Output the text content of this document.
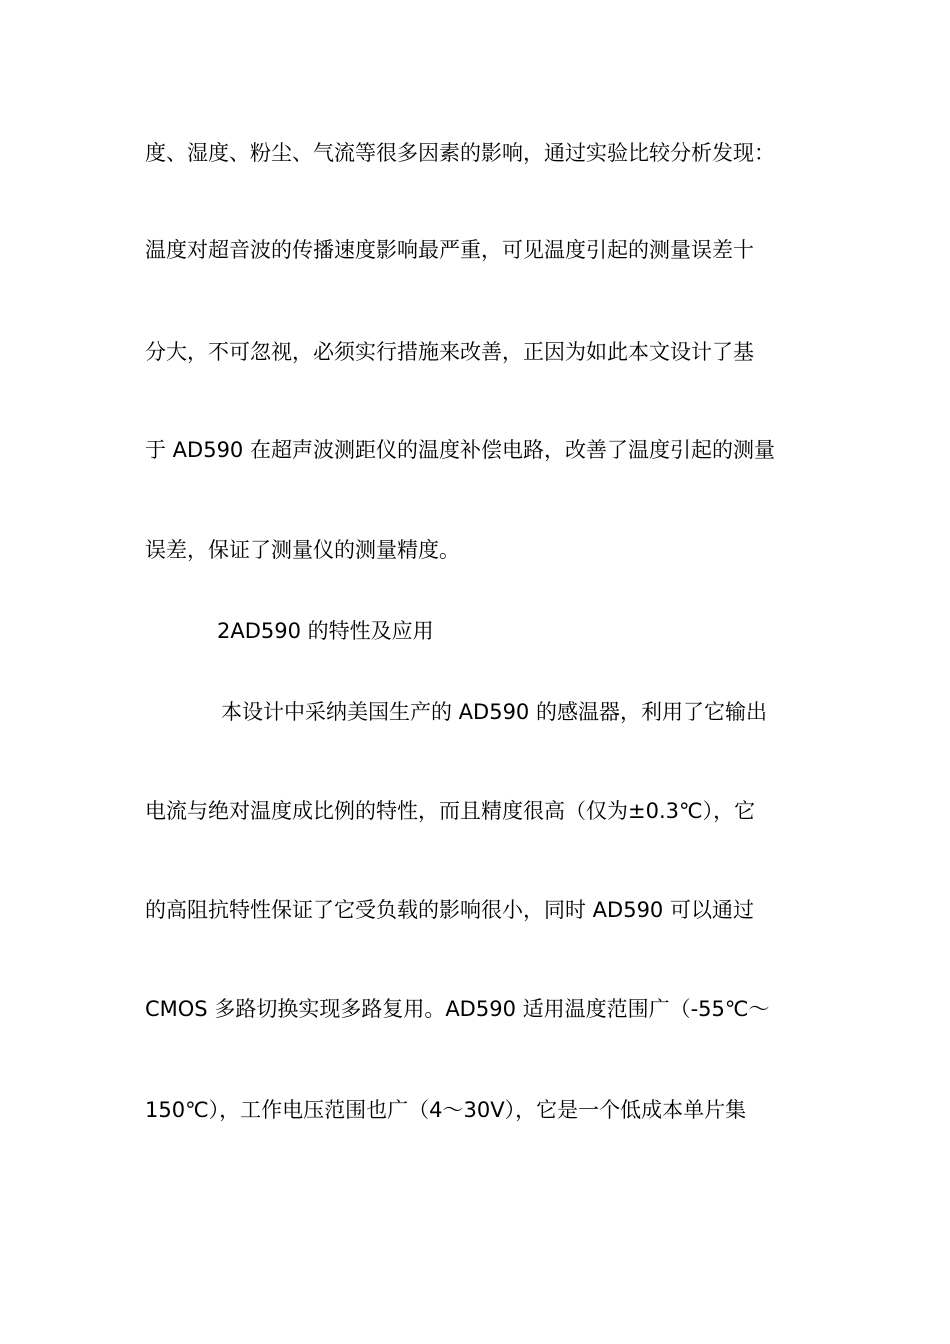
度、湿度、粉尘、气流等很多因素的影响，通过实验比较分析发现：
温度对超音波的传播速度影响最严重，可见温度引起的测量误差十
分大，不可忽视，必须实行措施来改善，正因为如此本文设计了基
于 AD590 在超声波测距仪的温度补偿电路，改善了温度引起的测量
误差，保证了测量仪的测量精度。
2AD590 的特性及应用
本设计中采纳美国生产的 AD590 的感温器，利用了它输出
电流与绝对温度成比例的特性，而且精度很高（仅为±0.3℃），它
的高阻抗特性保证了它受负载的影响很小，同时 AD590 可以通过
CMOS 多路切换实现多路复用。AD590 适用温度范围广（-55℃～
150℃），工作电压范围也广（4～30V），它是一个低成本单片集
